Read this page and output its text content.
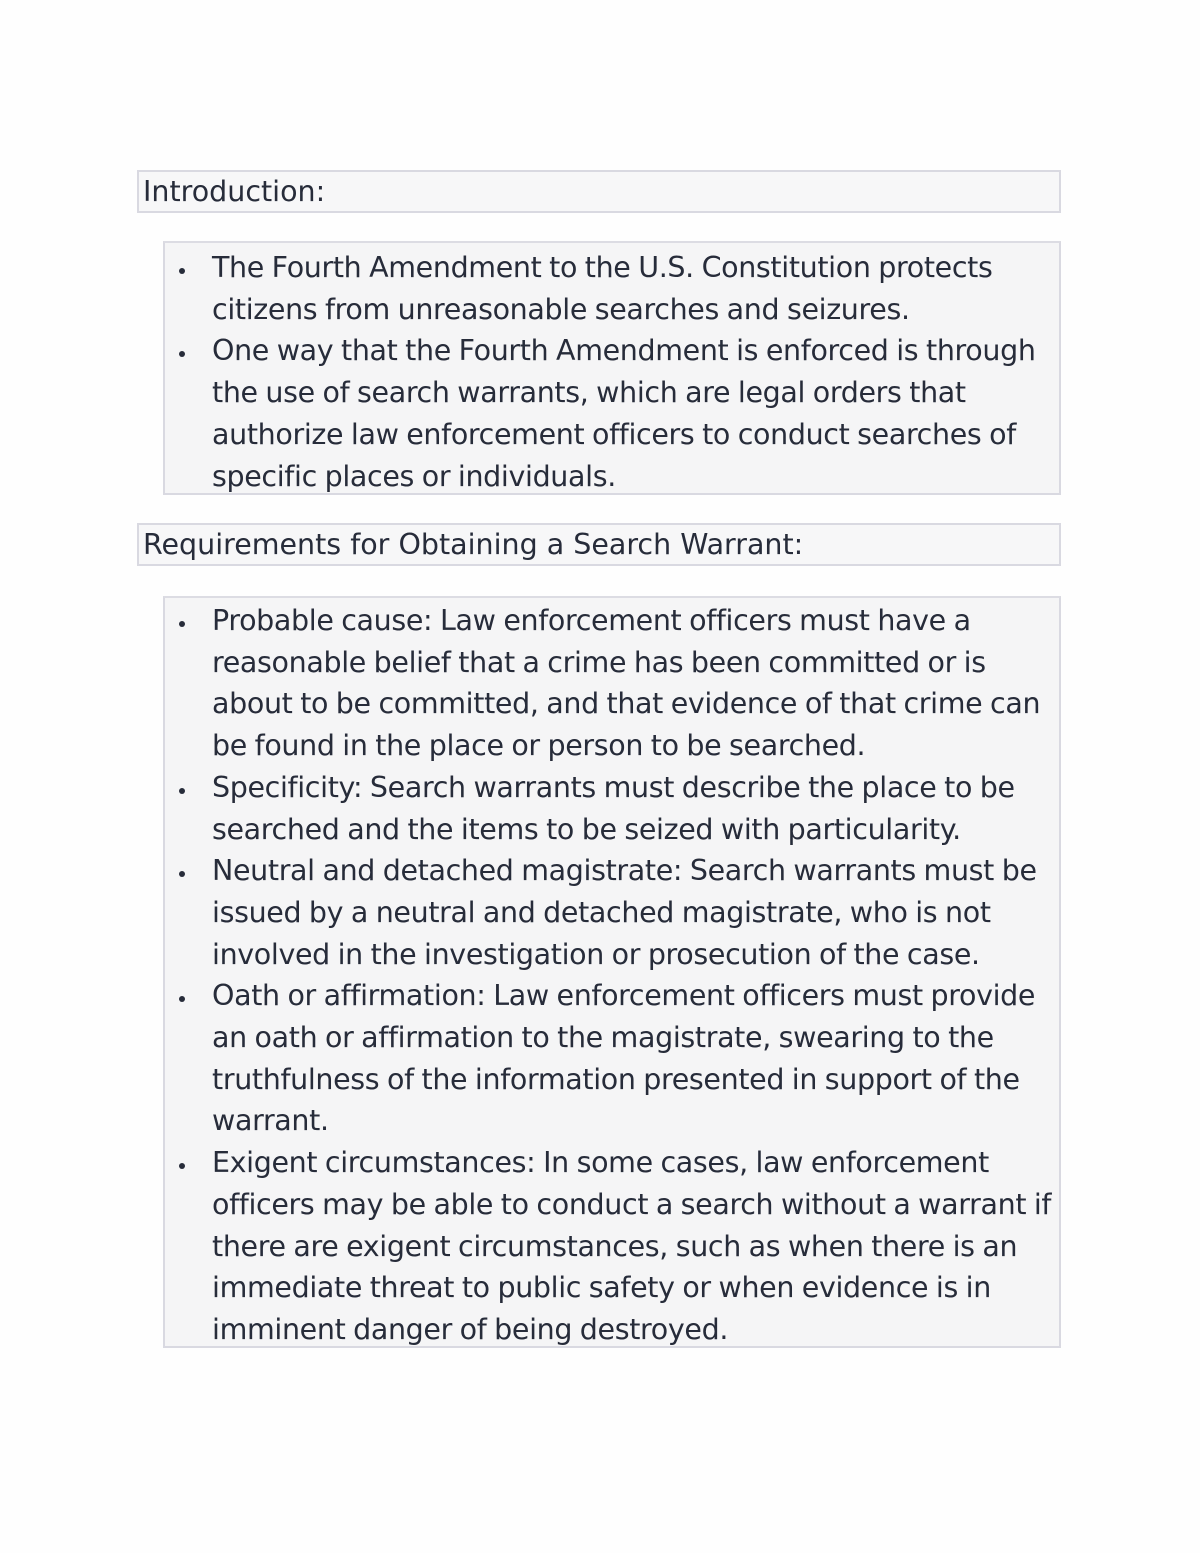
Introduction:
The Fourth Amendment to the U.S. Constitution protects citizens from unreasonable searches and seizures.
One way that the Fourth Amendment is enforced is through the use of search warrants, which are legal orders that authorize law enforcement officers to conduct searches of specific places or individuals.
Requirements for Obtaining a Search Warrant:
Probable cause: Law enforcement officers must have a reasonable belief that a crime has been committed or is about to be committed, and that evidence of that crime can be found in the place or person to be searched.
Specificity: Search warrants must describe the place to be searched and the items to be seized with particularity.
Neutral and detached magistrate: Search warrants must be issued by a neutral and detached magistrate, who is not involved in the investigation or prosecution of the case.
Oath or affirmation: Law enforcement officers must provide an oath or affirmation to the magistrate, swearing to the truthfulness of the information presented in support of the warrant.
Exigent circumstances: In some cases, law enforcement officers may be able to conduct a search without a warrant if there are exigent circumstances, such as when there is an immediate threat to public safety or when evidence is in imminent danger of being destroyed.
